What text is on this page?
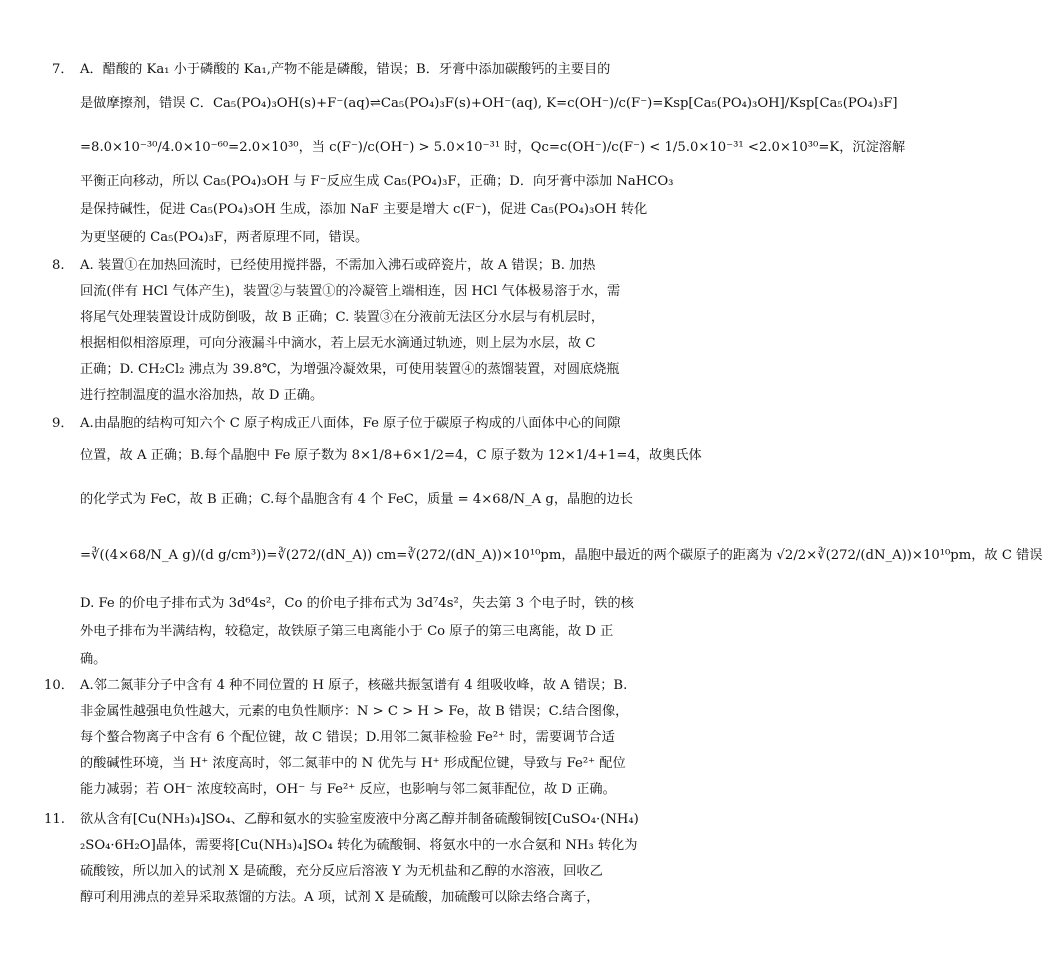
7． A．醋酸的 Ka₁ 小于磷酸的 Ka₁,产物不能是磷酸，错误；B．牙膏中添加碳酸钙的主要目的
是做摩擦剂，错误 C．Ca₅(PO₄)₃OH(s)+F⁻(aq)⇌Ca₅(PO₄)₃F(s)+OH⁻(aq), K=c(OH⁻)/c(F⁻)=Ksp[Ca₅(PO₄)₃OH]/Ksp[Ca₅(PO₄)₃F]
=8.0×10⁻³⁰/4.0×10⁻⁶⁰=2.0×10³⁰，当 c(F⁻)/c(OH⁻) > 5.0×10⁻³¹ 时，Qc=c(OH⁻)/c(F⁻) < 1/5.0×10⁻³¹ <2.0×10³⁰=K，沉淀溶解
平衡正向移动，所以 Ca₅(PO₄)₃OH 与 F⁻反应生成 Ca₅(PO₄)₃F，正确；D．向牙膏中添加 NaHCO₃
是保持碱性，促进 Ca₅(PO₄)₃OH 生成，添加 NaF 主要是增大 c(F⁻)，促进 Ca₅(PO₄)₃OH 转化
为更坚硬的 Ca₅(PO₄)₃F，两者原理不同，错误。
8.	A. 装置①在加热回流时，已经使用搅拌器，不需加入沸石或碎瓷片，故 A 错误；B. 加热
回流(伴有 HCl 气体产生)，装置②与装置①的冷凝管上端相连，因 HCl 气体极易溶于水，需
将尾气处理装置设计成防倒吸，故 B 正确；C. 装置③在分液前无法区分水层与有机层时，
根据相似相溶原理，可向分液漏斗中滴水，若上层无水滴通过轨迹，则上层为水层，故 C
正确；D. CH₂Cl₂ 沸点为 39.8℃，为增强冷凝效果，可使用装置④的蒸馏装置，对圆底烧瓶
进行控制温度的温水浴加热，故 D 正确。
9． A.由晶胞的结构可知六个 C 原子构成正八面体，Fe 原子位于碳原子构成的八面体中心的间隙
位置，故 A 正确；B.每个晶胞中 Fe 原子数为 8×1/8+6×1/2=4，C 原子数为 12×1/4+1=4，故奥氏体
的化学式为 FeC，故 B 正确；C.每个晶胞含有 4 个 FeC，质量 = 4×68/N_A g，晶胞的边长
=∛((4×68/N_A g)/(d g/cm³))=∛(272/(dN_A)) cm=∛(272/(dN_A))×10¹⁰pm，晶胞中最近的两个碳原子的距离为 √2/2×∛(272/(dN_A))×10¹⁰pm，故 C 错误
D. Fe 的价电子排布式为 3d⁶4s²，Co 的价电子排布式为 3d⁷4s²，失去第 3 个电子时，铁的核
外电子排布为半满结构，较稳定，故铁原子第三电离能小于 Co 原子的第三电离能，故 D 正
确。
10． A.邻二氮菲分子中含有 4 种不同位置的 H 原子，核磁共振氢谱有 4 组吸收峰，故 A 错误；B.
非金属性越强电负性越大，元素的电负性顺序：N > C > H > Fe，故 B 错误；C.结合图像，
每个螯合物离子中含有 6 个配位键，故 C 错误；D.用邻二氮菲检验 Fe²⁺ 时，需要调节合适
的酸碱性环境，当 H⁺ 浓度高时，邻二氮菲中的 N 优先与 H⁺ 形成配位键，导致与 Fe²⁺ 配位
能力减弱；若 OH⁻ 浓度较高时，OH⁻ 与 Fe²⁺ 反应，也影响与邻二氮菲配位，故 D 正确。
11.	欲从含有[Cu(NH₃)₄]SO₄、乙醇和氨水的实验室废液中分离乙醇并制备硫酸铜铵[CuSO₄·(NH₄)
₂SO₄·6H₂O]晶体，需要将[Cu(NH₃)₄]SO₄ 转化为硫酸铜、将氨水中的一水合氨和 NH₃ 转化为
硫酸铵，所以加入的试剂 X 是硫酸，充分反应后溶液 Y 为无机盐和乙醇的水溶液，回收乙
醇可利用沸点的差异采取蒸馏的方法。A 项，试剂 X 是硫酸，加硫酸可以除去络合离子，
